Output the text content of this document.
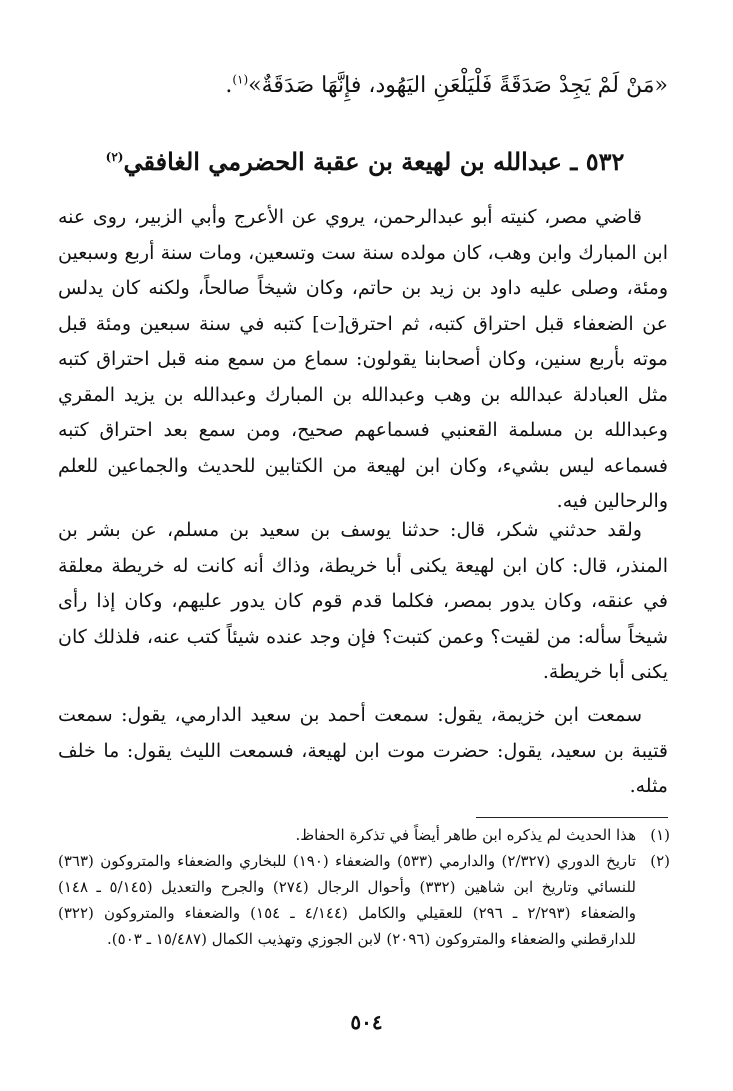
«مَنْ لَمْ يَجِدْ صَدَقَةً فَلْيَلْعَنِ اليَهُود، فإِنَّهَا صَدَقَةٌ»$^{(١)}$.
٥٣٢ ـ عبدالله بن لهيعة بن عقبة الحضرمي الغافقي$^{(٢)}$
قاضي مصر، كنيته أبو عبدالرحمن، يروي عن الأعرج وأبي الزبير، روى عنه ابن المبارك وابن وهب، كان مولده سنة ست وتسعين، ومات سنة أربع وسبعين ومئة، وصلى عليه داود بن زيد بن حاتم، وكان شيخاً صالحاً، ولكنه كان يدلس عن الضعفاء قبل احتراق كتبه، ثم احترق[ت] كتبه في سنة سبعين ومئة قبل موته بأربع سنين، وكان أصحابنا يقولون: سماع من سمع منه قبل احتراق كتبه مثل العبادلة عبدالله بن وهب وعبدالله بن المبارك وعبدالله بن يزيد المقري وعبدالله بن مسلمة القعنبي فسماعهم صحيح، ومن سمع بعد احتراق كتبه فسماعه ليس بشيء، وكان ابن لهيعة من الكتابين للحديث والجماعين للعلم والرحالين فيه.
ولقد حدثني شكر، قال: حدثنا يوسف بن سعيد بن مسلم، عن بشر بن المنذر، قال: كان ابن لهيعة يكنى أبا خريطة، وذاك أنه كانت له خريطة معلقة في عنقه، وكان يدور بمصر، فكلما قدم قوم كان يدور عليهم، وكان إذا رأى شيخاً سأله: من لقيت؟ وعمن كتبت؟ فإن وجد عنده شيئاً كتب عنه، فلذلك كان يكنى أبا خريطة.
سمعت ابن خزيمة، يقول: سمعت أحمد بن سعيد الدارمي، يقول: سمعت قتيبة بن سعيد، يقول: حضرت موت ابن لهيعة، فسمعت الليث يقول: ما خلف مثله.
(١)
هذا الحديث لم يذكره ابن طاهر أيضاً في تذكرة الحفاظ.
(٢)
تاريخ الدوري (٢/٣٢٧) والدارمي (٥٣٣) والضعفاء (١٩٠) للبخاري والضعفاء والمتروكون (٣٦٣) للنسائي وتاريخ ابن شاهين (٣٣٢) وأحوال الرجال (٢٧٤) والجرح والتعديل (٥/١٤٥ ـ ١٤٨) والضعفاء (٢/٢٩٣ ـ ٢٩٦) للعقيلي والكامل (٤/١٤٤ ـ ١٥٤) والضعفاء والمتروكون (٣٢٢) للدارقطني والضعفاء والمتروكون (٢٠٩٦) لابن الجوزي وتهذيب الكمال (١٥/٤٨٧ ـ ٥٠٣).
٥٠٤
